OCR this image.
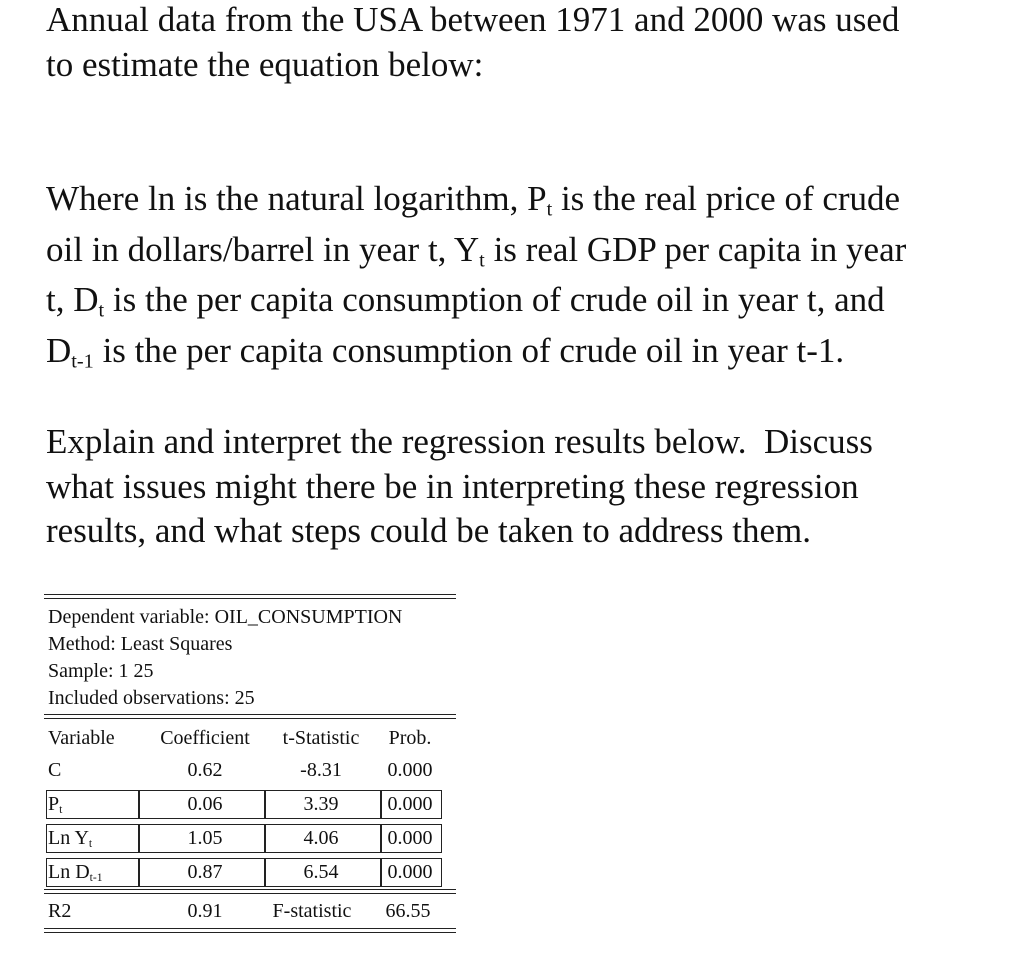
Annual data from the USA between 1971 and 2000 was used
to estimate the equation below:

Where ln is the natural logarithm, $P_t$ is the real price of crude
oil in dollars/barrel in year t, $Y_t$ is real GDP per capita in year
t, $D_t$ is the per capita consumption of crude oil in year t, and
$D_{t-1}$ is the per capita consumption of crude oil in year t-1.

Explain and interpret the regression results below.  Discuss
what issues might there be in interpreting these regression
results, and what steps could be taken to address them.

Dependent variable: OIL_CONSUMPTION
Method: Least Squares
Sample: 1 25
Included observations: 25
Variable	Coefficient	t-Statistic	Prob.
C	0.62	-8.31	0.000
$P_t$	0.06	3.39	0.000
Ln $Y_t$	1.05	4.06	0.000
Ln $D_{t-1}$	0.87	6.54	0.000
R2	0.91	F-statistic	66.55
